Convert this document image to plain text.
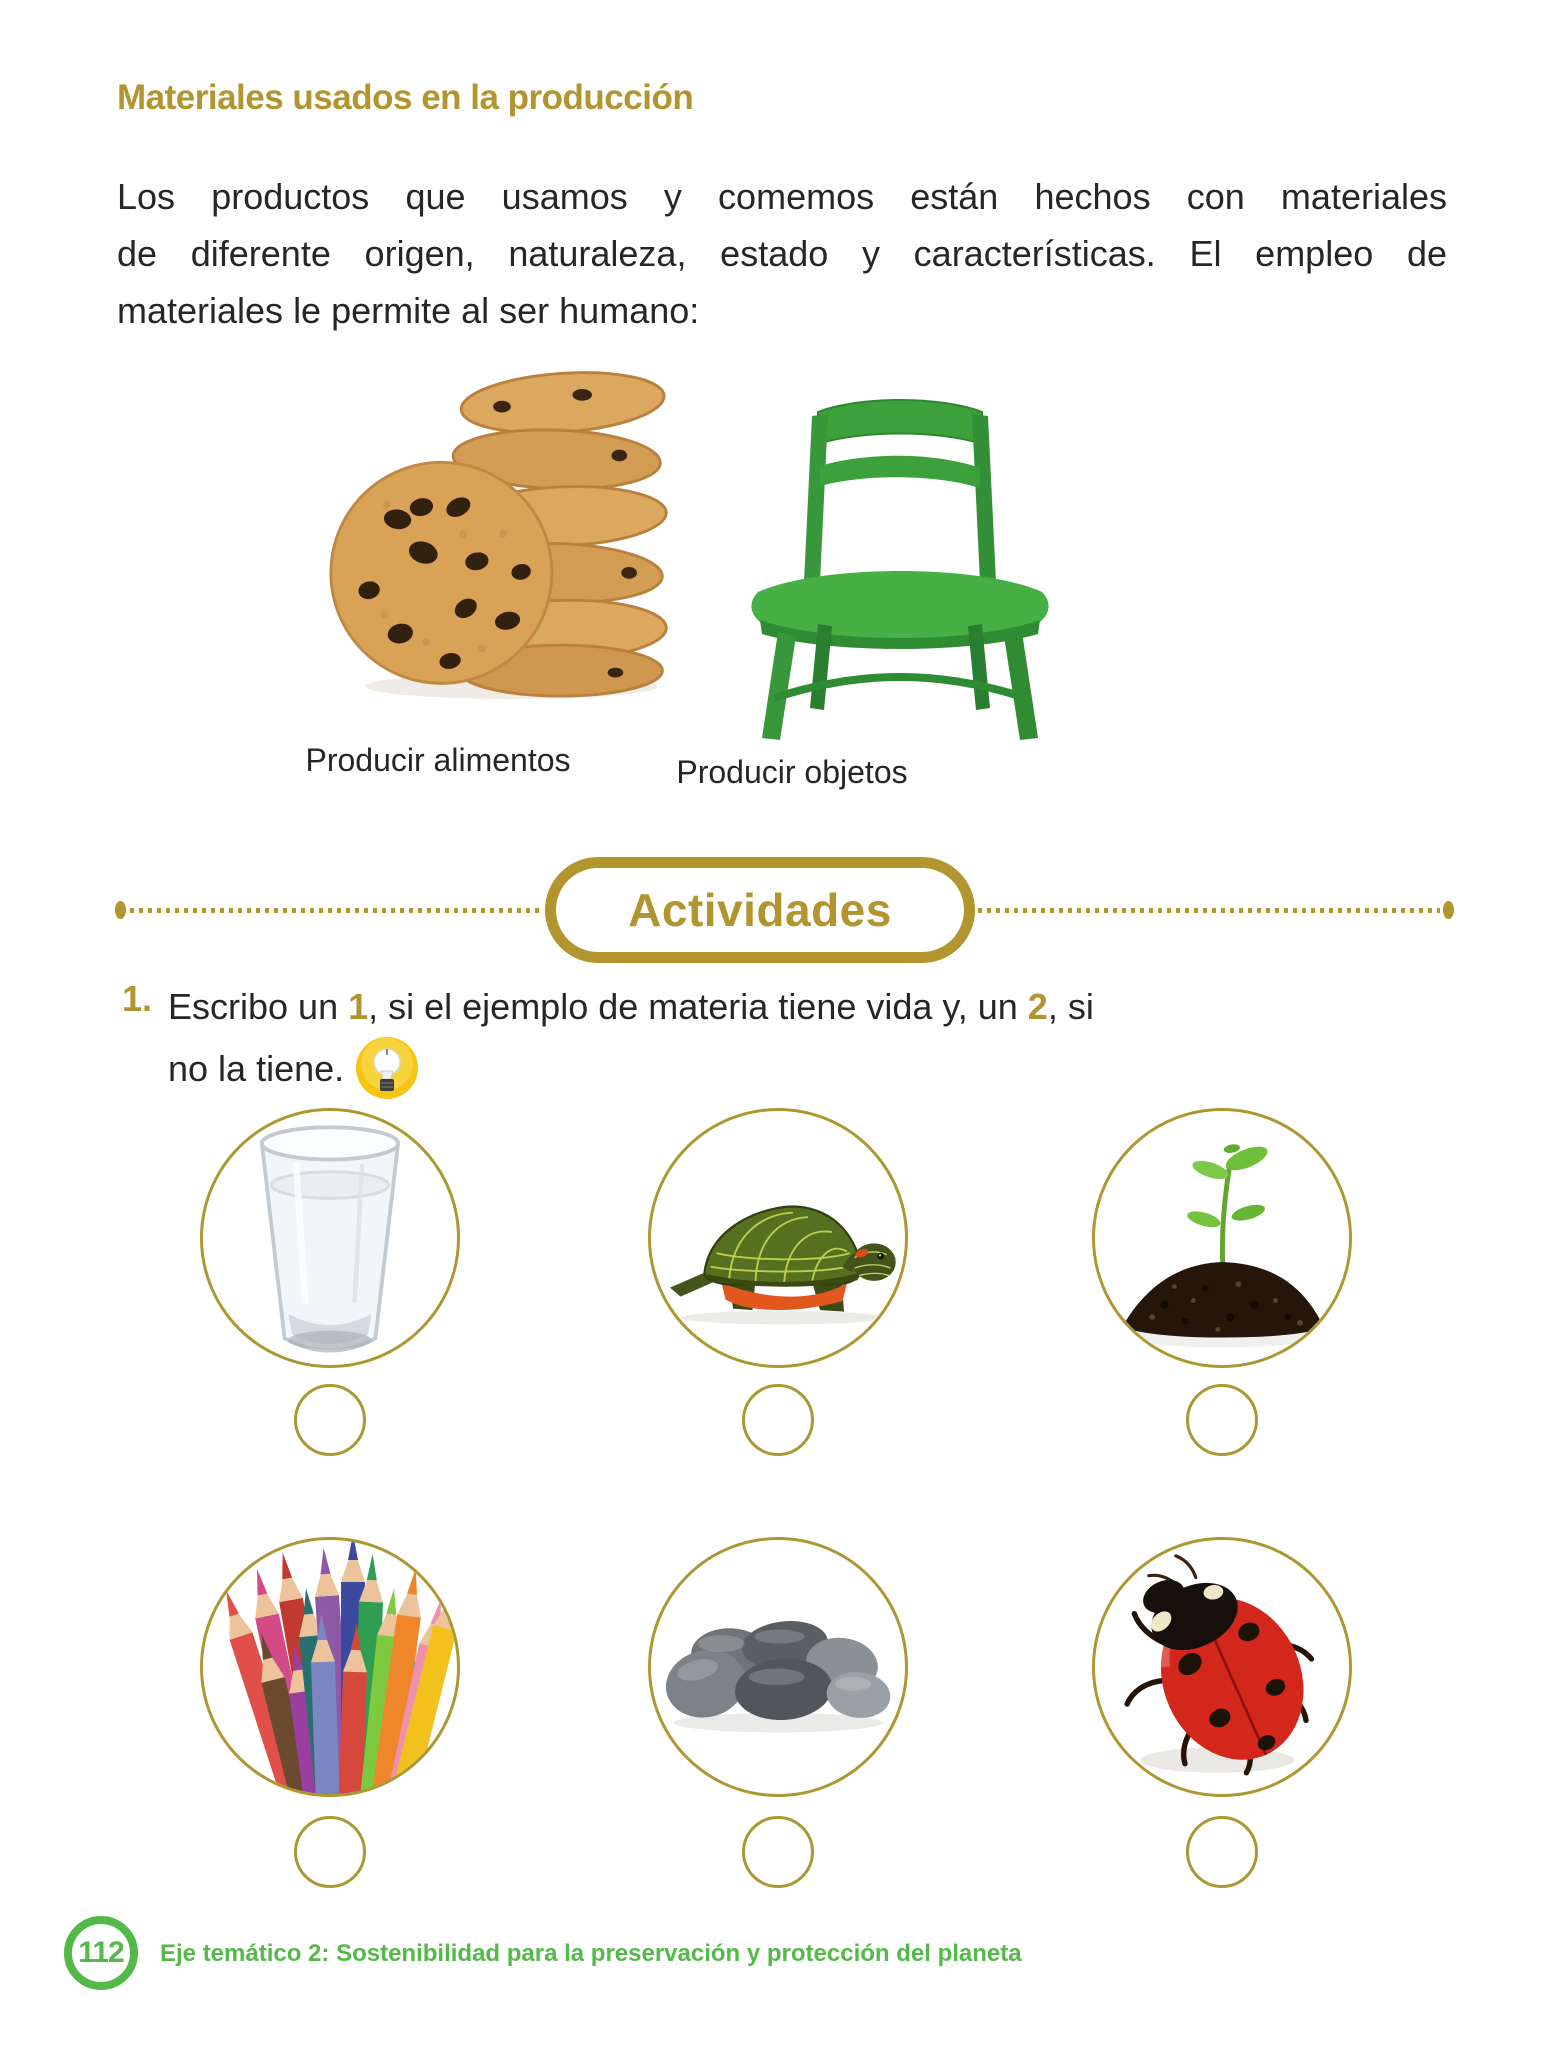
Materiales usados en la producción
Los productos que usamos y comemos están hechos con materiales
de diferente origen, naturaleza, estado y características. El empleo de
materiales le permite al ser humano:
Producir alimentos	Producir objetos
Actividades
1. Escribo un 1, si el ejemplo de materia tiene vida y, un 2, si no la tiene.
112 Eje temático 2: Sostenibilidad para la preservación y protección del planeta
